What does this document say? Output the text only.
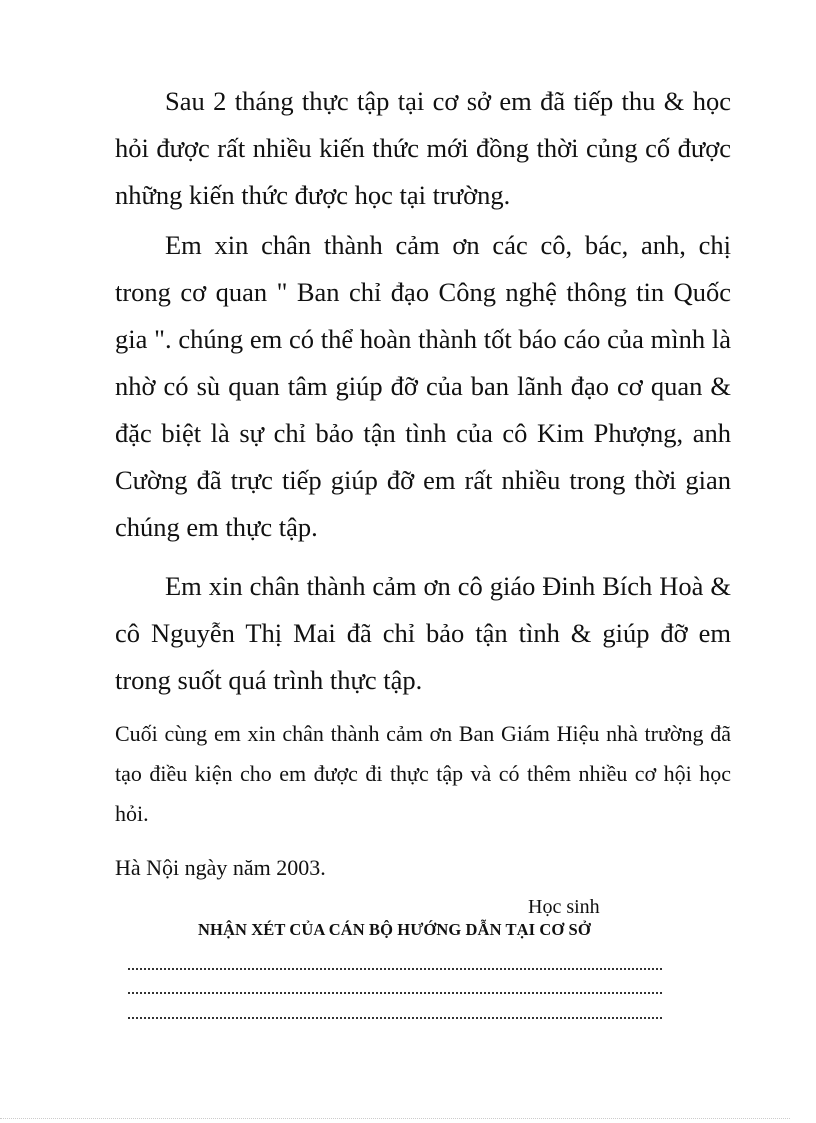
Sau 2 tháng thực tập tại cơ sở em đã tiếp thu & học hỏi được rất nhiều kiến thức mới đồng thời củng cố được những kiến thức được học tại trường.

Em xin chân thành cảm ơn các cô, bác, anh, chị trong cơ quan " Ban chỉ đạo Công nghệ thông tin Quốc gia ". chúng em có thể hoàn thành tốt báo cáo của mình là nhờ có sù quan tâm giúp đỡ của ban lãnh đạo cơ quan & đặc biệt là sự chỉ bảo tận tình của cô Kim Phượng, anh Cường đã trực tiếp giúp đỡ em rất nhiều trong thời gian chúng em thực tập.

Em xin chân thành cảm ơn cô giáo Đinh Bích Hoà & cô Nguyễn Thị Mai đã chỉ bảo tận tình & giúp đỡ em trong suốt quá trình thực tập.

Cuối cùng em xin chân thành cảm ơn Ban Giám Hiệu nhà trường đã tạo điều kiện cho em được đi thực tập và có thêm nhiều cơ hội học hỏi.

Hà Nội ngày năm 2003.

Học sinh

NHẬN XÉT CỦA CÁN BỘ HƯỚNG DẪN TẠI CƠ SỞ
